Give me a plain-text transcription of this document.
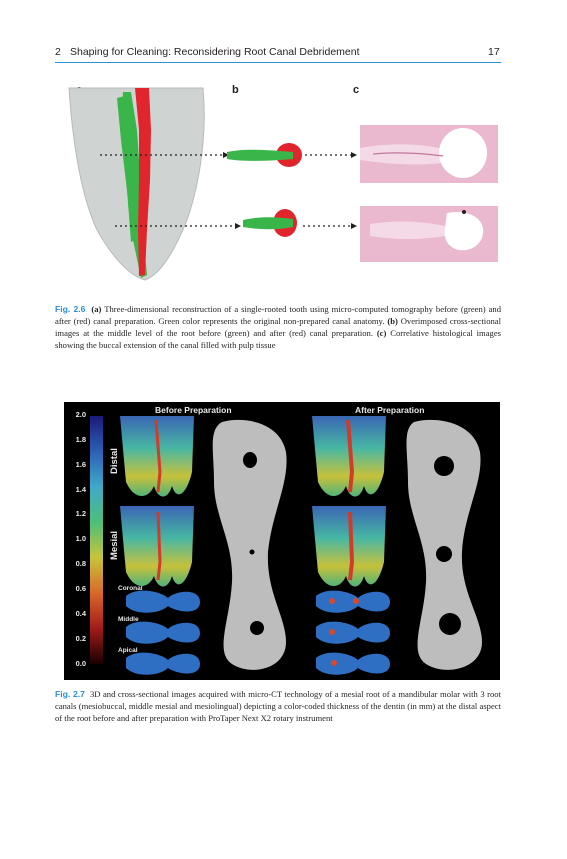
2 Shaping for Cleaning: Reconsidering Root Canal Debridement	17
b	c
Fig. 2.6 (a) Three-dimensional reconstruction of a single-rooted tooth using micro-computed tomography before (green) and after (red) canal preparation. Green color represents the original non-prepared canal anatomy. (b) Overimposed cross-sectional images at the middle level of the root before (green) and after (red) canal preparation. (c) Correlative histological images showing the buccal extension of the canal filled with pulp tissue
Before Preparation	After Preparation
2.0
1.8
1.6
1.4
1.2
1.0
0.8
0.6
0.4
0.2
0.0
Distal
Mesial
Coronal
Middle
Apical
Fig. 2.7 3D and cross-sectional images acquired with micro-CT technology of a mesial root of a mandibular molar with 3 root canals (mesiobuccal, middle mesial and mesiolingual) depicting a color-coded thickness of the dentin (in mm) at the distal aspect of the root before and after preparation with ProTaper Next X2 rotary instrument
